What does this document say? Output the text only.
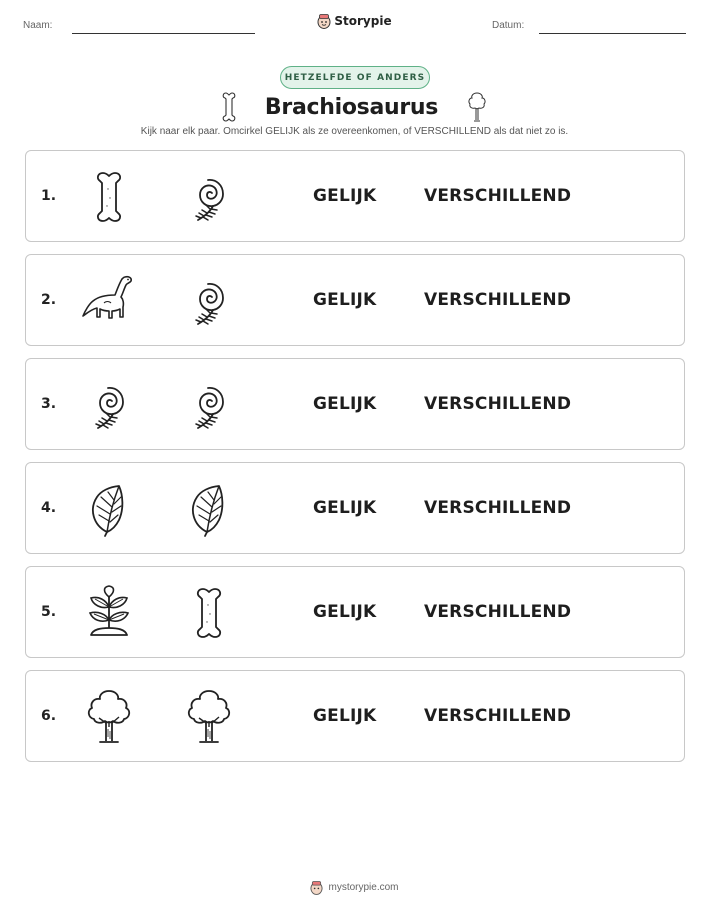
Naam:	Storypie	Datum:
HETZELFDE OF ANDERS
Brachiosaurus
Kijk naar elk paar. Omcirkel GELIJK als ze overeenkomen, of VERSCHILLEND als dat niet zo is.
1.	GELIJK	VERSCHILLEND
2.	GELIJK	VERSCHILLEND
3.	GELIJK	VERSCHILLEND
4.	GELIJK	VERSCHILLEND
5.	GELIJK	VERSCHILLEND
6.	GELIJK	VERSCHILLEND
mystorypie.com
